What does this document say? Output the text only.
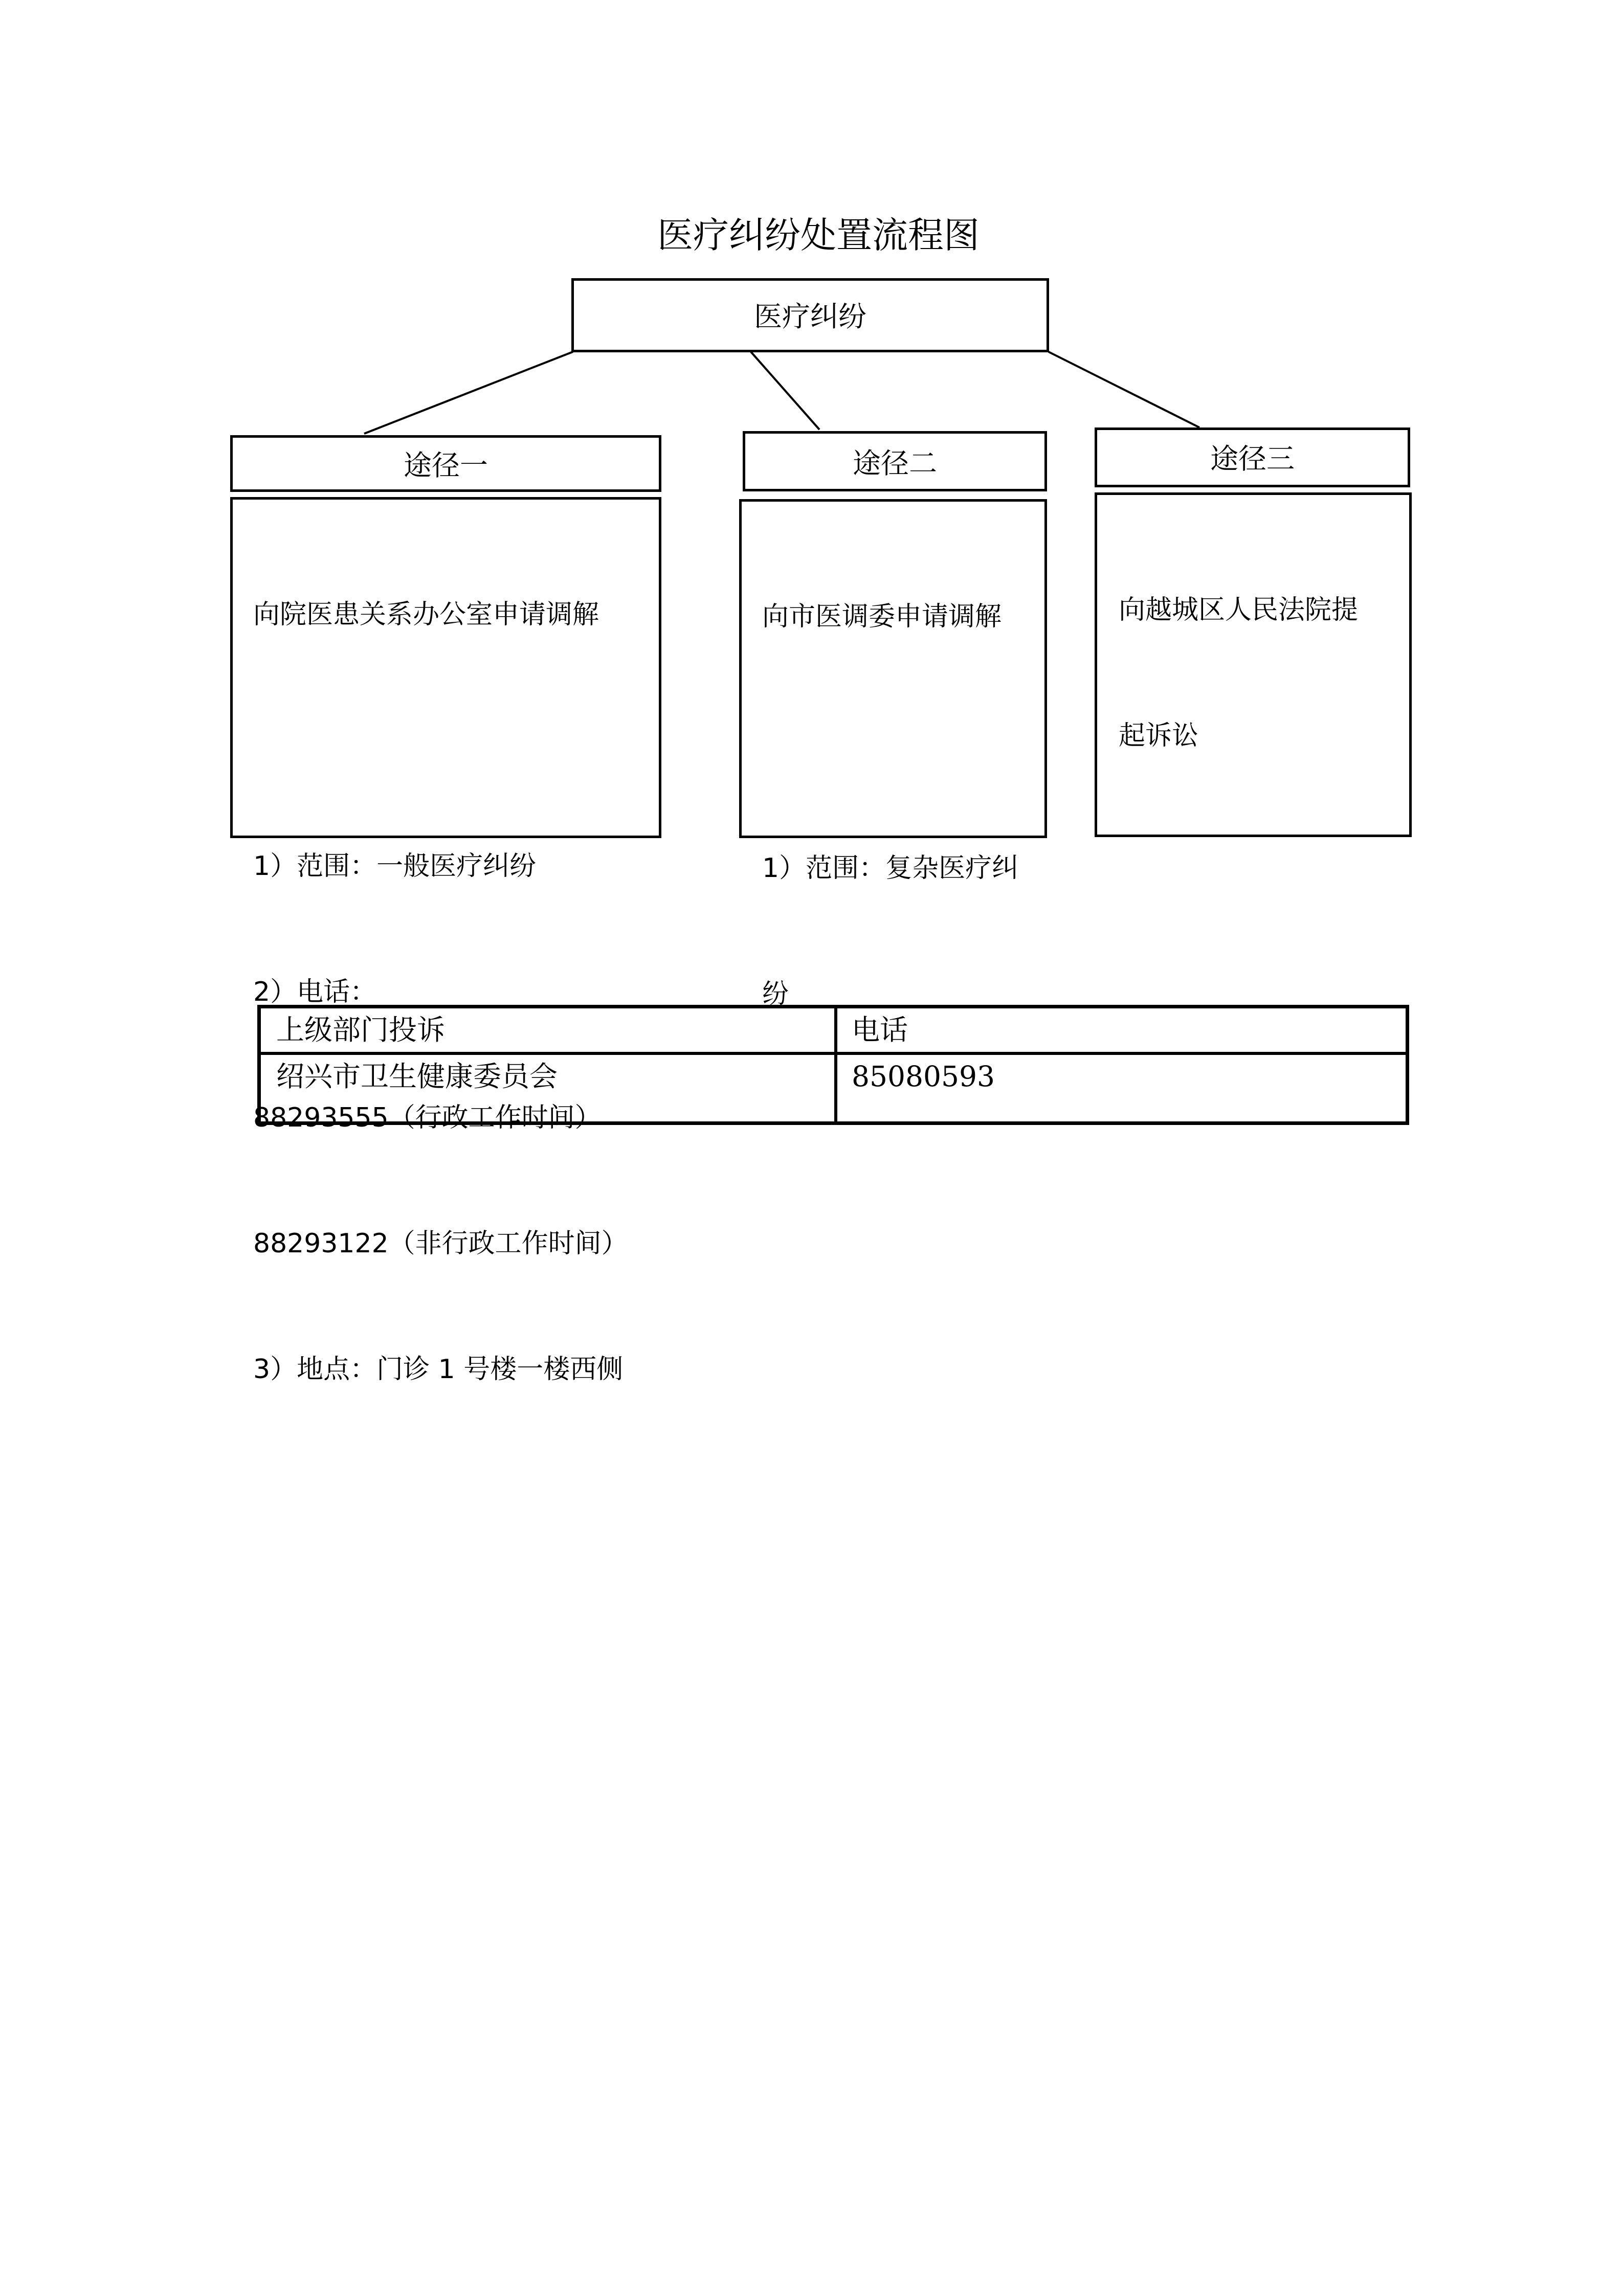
医疗纠纷处置流程图
医疗纠纷
途径一

向院医患关系办公室申请调解

1）范围：一般医疗纠纷

2）电话：

88293555（行政工作时间）

88293122（非行政工作时间）

3）地点：门诊 1 号楼一楼西侧

途径二

向市医调委申请调解

1）范围：复杂医疗纠

纷

途径三

向越城区人民法院提

起诉讼

上级部门投诉	电话
绍兴市卫生健康委员会	85080593
